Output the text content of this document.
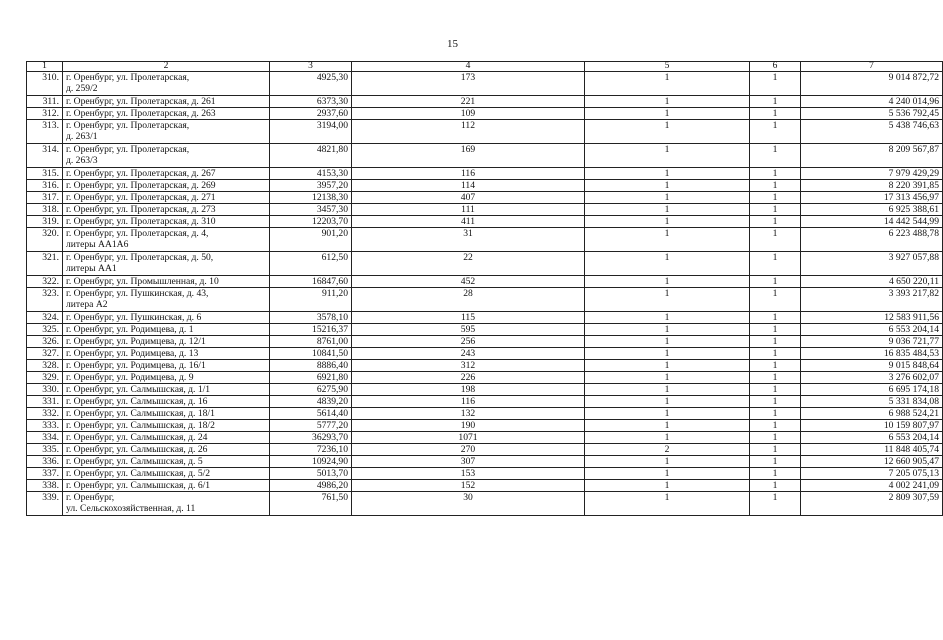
15
1	2	3	4	5	6	7
310.	г. Оренбург, ул. Пролетарская,
д. 259/2	4925,30	173	1	1	9 014 872,72
311.	г. Оренбург, ул. Пролетарская, д. 261	6373,30	221	1	1	4 240 014,96
312.	г. Оренбург, ул. Пролетарская, д. 263	2937,60	109	1	1	5 536 792,45
313.	г. Оренбург, ул. Пролетарская,
д. 263/1	3194,00	112	1	1	5 438 746,63
314.	г. Оренбург, ул. Пролетарская,
д. 263/3	4821,80	169	1	1	8 209 567,87
315.	г. Оренбург, ул. Пролетарская, д. 267	4153,30	116	1	1	7 979 429,29
316.	г. Оренбург, ул. Пролетарская, д. 269	3957,20	114	1	1	8 220 391,85
317.	г. Оренбург, ул. Пролетарская, д. 271	12138,30	407	1	1	17 313 456,97
318.	г. Оренбург, ул. Пролетарская, д. 273	3457,30	111	1	1	6 925 388,61
319.	г. Оренбург, ул. Пролетарская, д. 310	12203,70	411	1	1	14 442 544,99
320.	г. Оренбург, ул. Пролетарская, д. 4,
литеры АА1А6	901,20	31	1	1	6 223 488,78
321.	г. Оренбург, ул. Пролетарская, д. 50,
литеры АА1	612,50	22	1	1	3 927 057,88
322.	г. Оренбург, ул. Промышленная, д. 10	16847,60	452	1	1	4 650 220,11
323.	г. Оренбург, ул. Пушкинская, д. 43,
литера А2	911,20	28	1	1	3 393 217,82
324.	г. Оренбург, ул. Пушкинская, д. 6	3578,10	115	1	1	12 583 911,56
325.	г. Оренбург, ул. Родимцева, д. 1	15216,37	595	1	1	6 553 204,14
326.	г. Оренбург, ул. Родимцева, д. 12/1	8761,00	256	1	1	9 036 721,77
327.	г. Оренбург, ул. Родимцева, д. 13	10841,50	243	1	1	16 835 484,53
328.	г. Оренбург, ул. Родимцева, д. 16/1	8886,40	312	1	1	9 015 848,64
329.	г. Оренбург, ул. Родимцева, д. 9	6921,80	226	1	1	3 276 602,07
330.	г. Оренбург, ул. Салмышская, д. 1/1	6275,90	198	1	1	6 695 174,18
331.	г. Оренбург, ул. Салмышская, д. 16	4839,20	116	1	1	5 331 834,08
332.	г. Оренбург, ул. Салмышская, д. 18/1	5614,40	132	1	1	6 988 524,21
333.	г. Оренбург, ул. Салмышская, д. 18/2	5777,20	190	1	1	10 159 807,97
334.	г. Оренбург, ул. Салмышская, д. 24	36293,70	1071	1	1	6 553 204,14
335.	г. Оренбург, ул. Салмышская, д. 26	7236,10	270	2	1	11 848 405,74
336.	г. Оренбург, ул. Салмышская, д. 5	10924,90	307	1	1	12 660 905,47
337.	г. Оренбург, ул. Салмышская, д. 5/2	5013,70	153	1	1	7 205 075,13
338.	г. Оренбург, ул. Салмышская, д. 6/1	4986,20	152	1	1	4 002 241,09
339.	г. Оренбург,
ул. Сельскохозяйственная, д. 11	761,50	30	1	1	2 809 307,59
